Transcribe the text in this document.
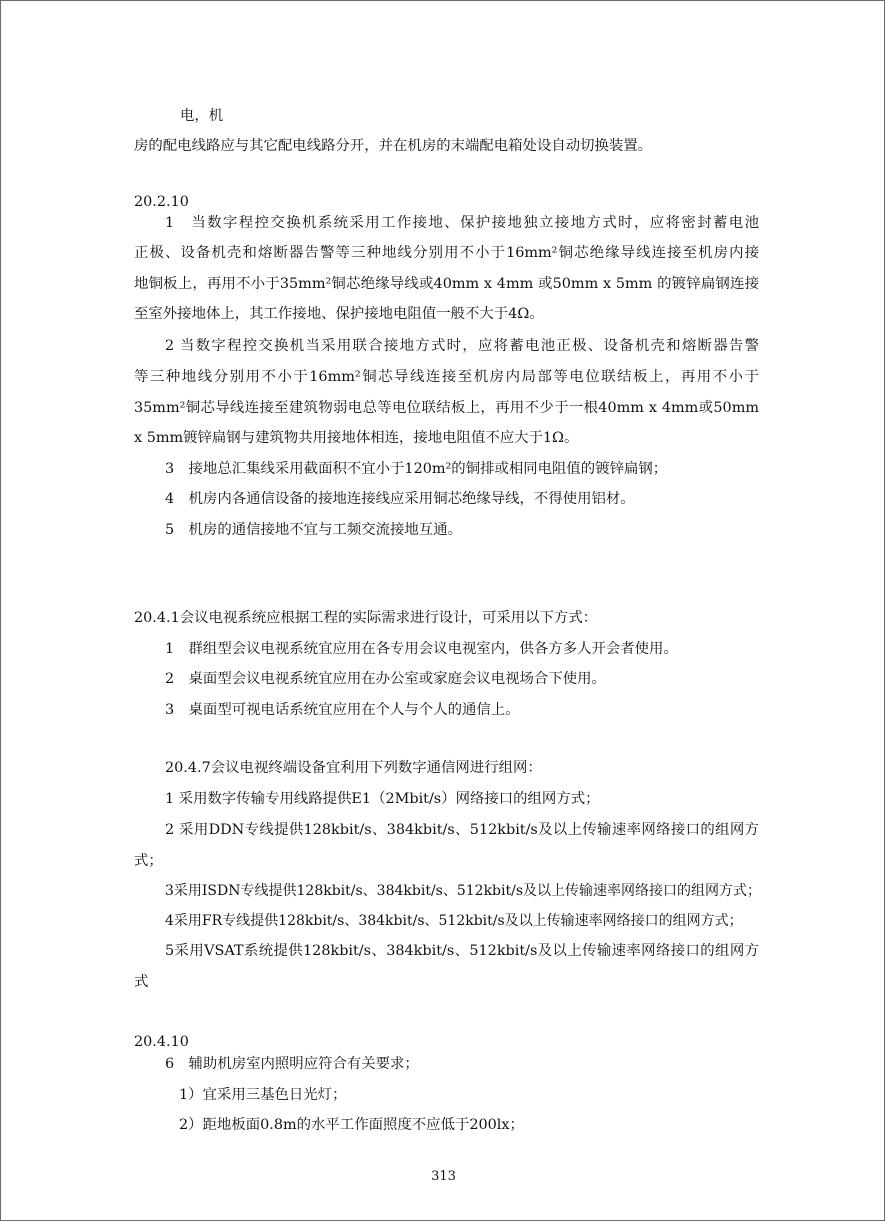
电，机
房的配电线路应与其它配电线路分开，并在机房的末端配电箱处设自动切换装置。
20.2.10
1　当数字程控交换机系统采用工作接地、保护接地独立接地方式时，应将密封蓄电池
正极、设备机壳和熔断器告警等三种地线分别用不小于16mm²铜芯绝缘导线连接至机房内接
地铜板上，再用不小于35mm²铜芯绝缘导线或40mm x 4mm 或50mm x 5mm 的镀锌扁钢连接
至室外接地体上，其工作接地、保护接地电阻值一般不大于4Ω。
2 当数字程控交换机当采用联合接地方式时，应将蓄电池正极、设备机壳和熔断器告警
等三种地线分别用不小于16mm²铜芯导线连接至机房内局部等电位联结板上，再用不小于
35mm²铜芯导线连接至建筑物弱电总等电位联结板上，再用不少于一根40mm x 4mm或50mm
x 5mm镀锌扁钢与建筑物共用接地体相连，接地电阻值不应大于1Ω。
3　接地总汇集线采用截面积不宜小于120m²的铜排或相同电阻值的镀锌扁钢；
4　机房内各通信设备的接地连接线应采用铜芯绝缘导线，不得使用铝材。
5　机房的通信接地不宜与工频交流接地互通。
20.4.1会议电视系统应根据工程的实际需求进行设计，可采用以下方式：
1　群组型会议电视系统宜应用在各专用会议电视室内，供各方多人开会者使用。
2　桌面型会议电视系统宜应用在办公室或家庭会议电视场合下使用。
3　桌面型可视电话系统宜应用在个人与个人的通信上。
20.4.7会议电视终端设备宜利用下列数字通信网进行组网：
1 采用数字传输专用线路提供E1（2Mbit/s）网络接口的组网方式；
2 采用DDN专线提供128kbit/s、384kbit/s、512kbit/s及以上传输速率网络接口的组网方
式；
3采用ISDN专线提供128kbit/s、384kbit/s、512kbit/s及以上传输速率网络接口的组网方式；
4采用FR专线提供128kbit/s、384kbit/s、512kbit/s及以上传输速率网络接口的组网方式；
5采用VSAT系统提供128kbit/s、384kbit/s、512kbit/s及以上传输速率网络接口的组网方
式
20.4.10
6　辅助机房室内照明应符合有关要求；
1）宜采用三基色日光灯；
2）距地板面0.8m的水平工作面照度不应低于200lx；
313
